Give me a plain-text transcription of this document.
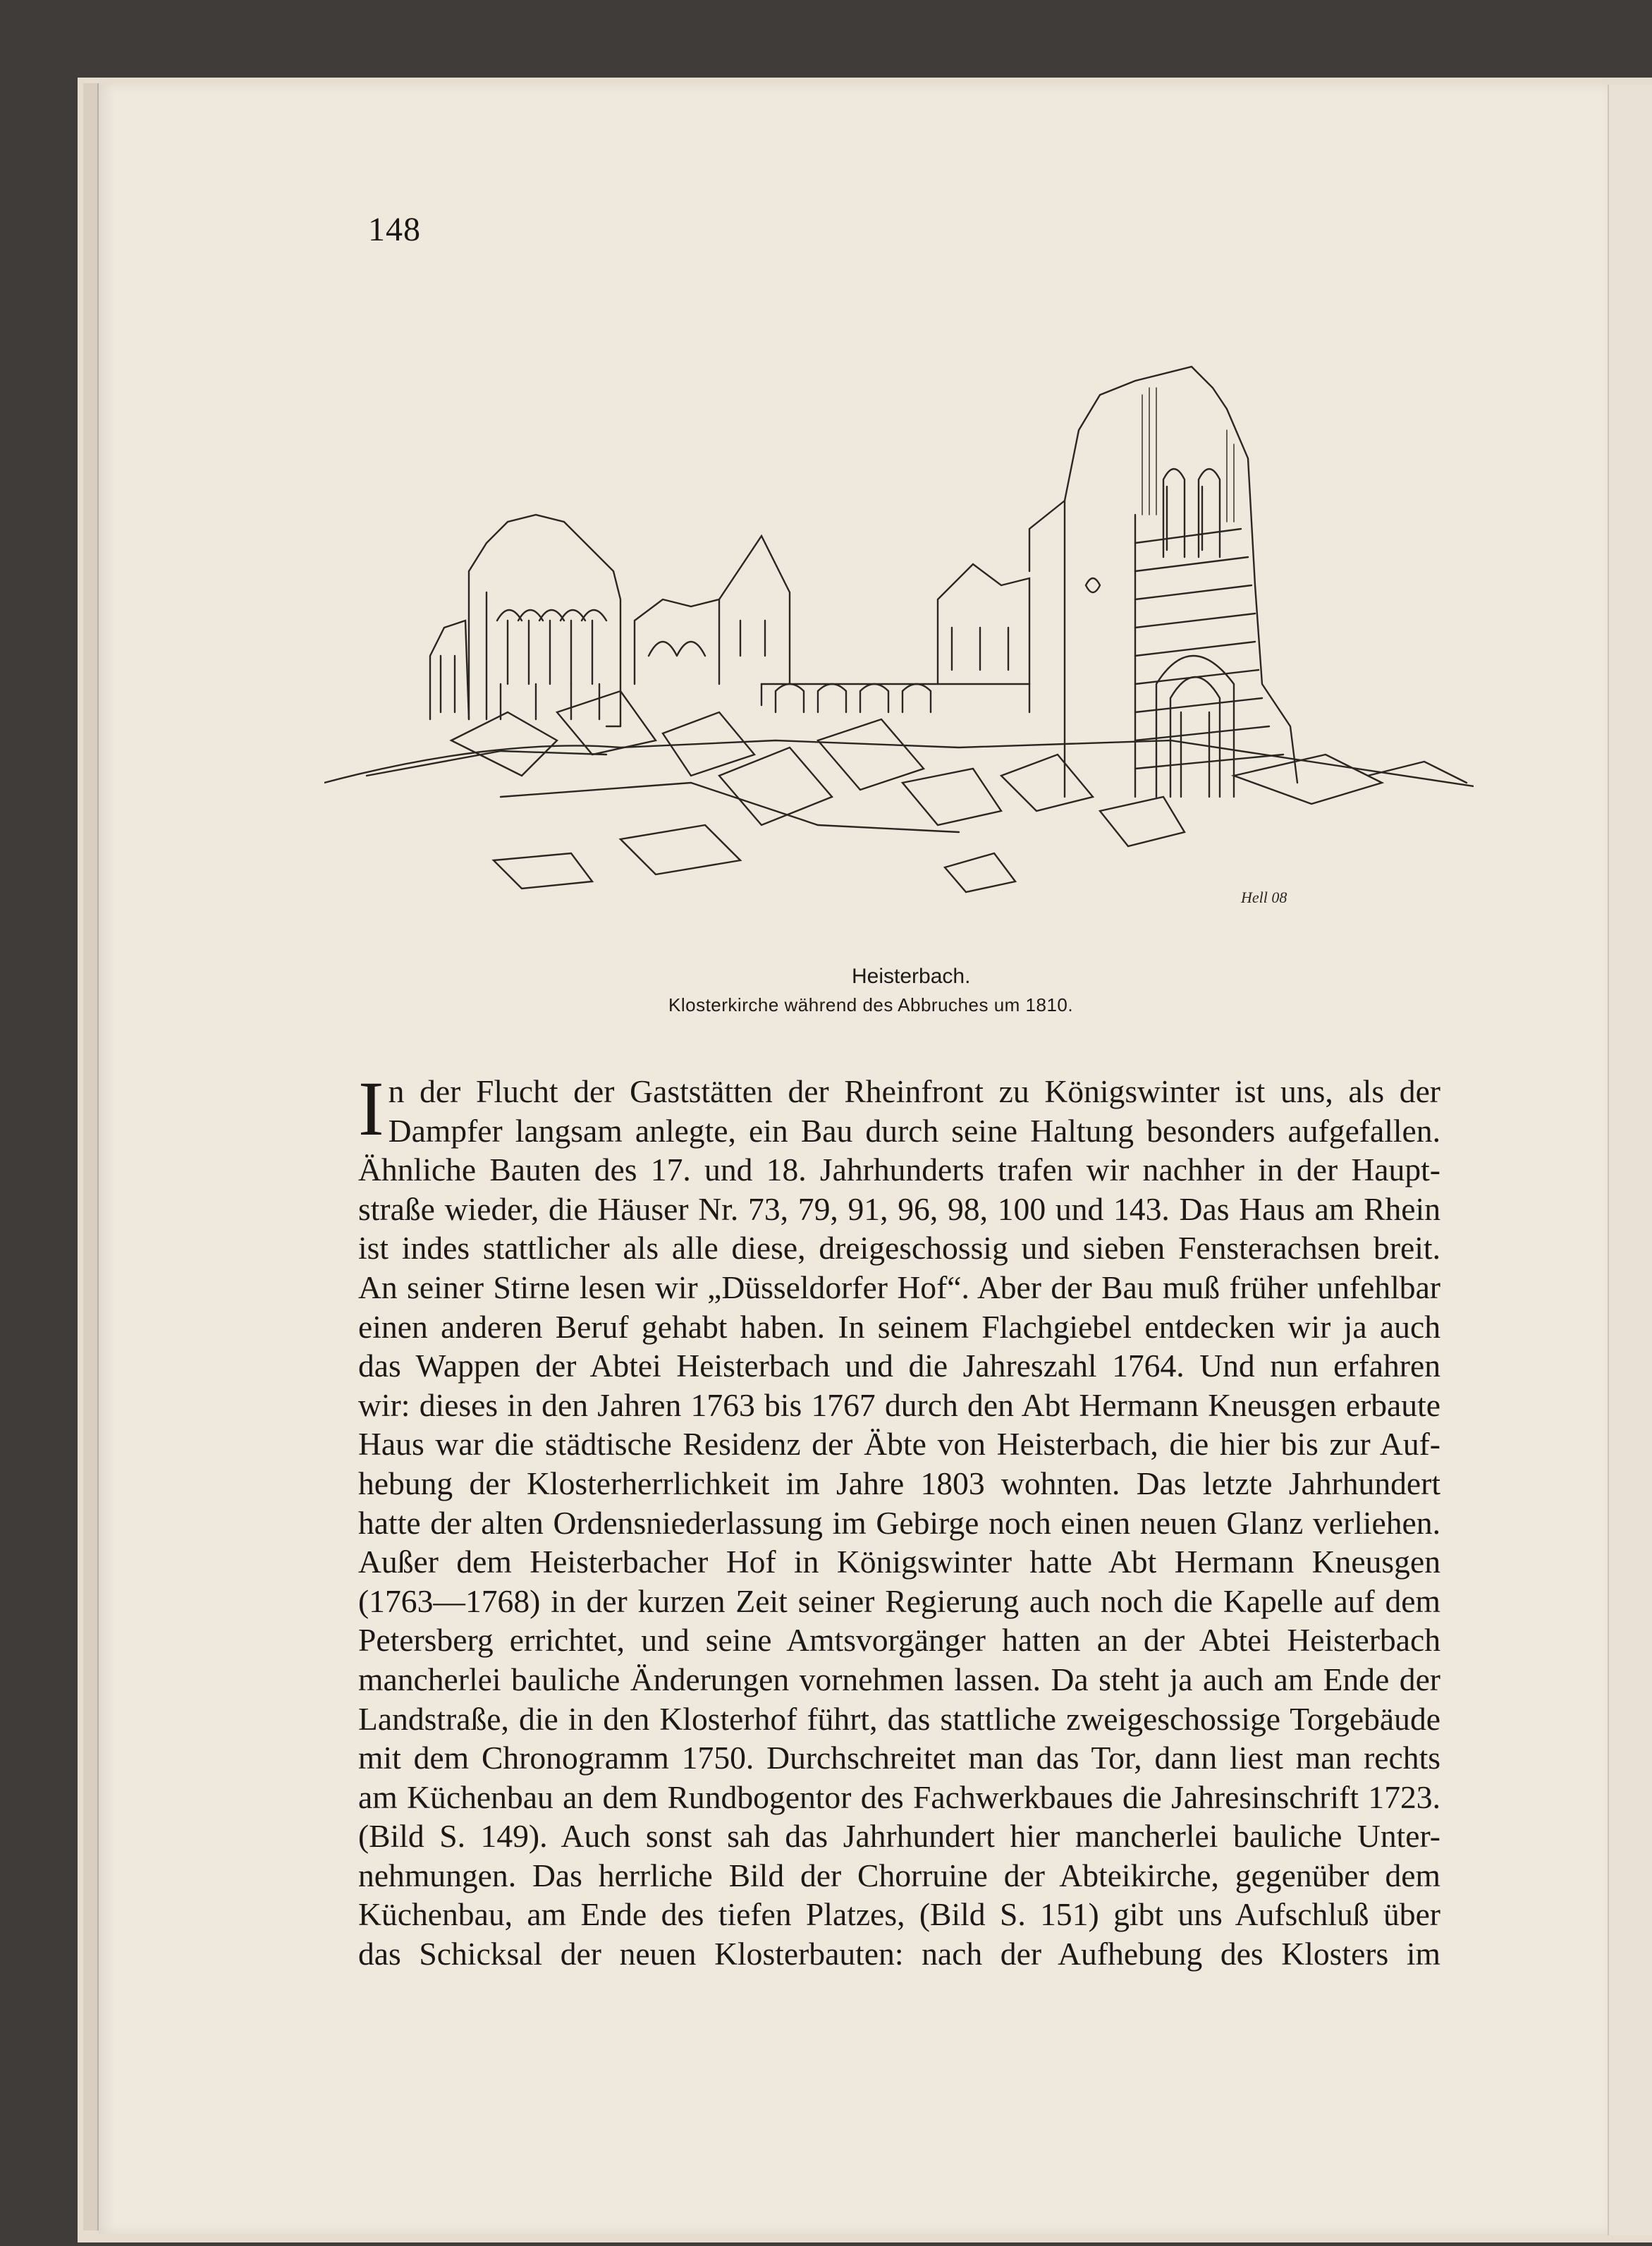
148
Hell 08
Heisterbach.
Klosterkirche während des Abbruches um 1810.
I n der Flucht der Gaststätten der Rheinfront zu Königswinter ist uns, als der
Dampfer langsam anlegte, ein Bau durch seine Haltung besonders aufgefallen.
Ähnliche Bauten des 17. und 18. Jahrhunderts trafen wir nachher in der Haupt-
straße wieder, die Häuser Nr. 73, 79, 91, 96, 98, 100 und 143. Das Haus am Rhein
ist indes stattlicher als alle diese, dreigeschossig und sieben Fensterachsen breit.
An seiner Stirne lesen wir „Düsseldorfer Hof“. Aber der Bau muß früher unfehlbar
einen anderen Beruf gehabt haben. In seinem Flachgiebel entdecken wir ja auch
das Wappen der Abtei Heisterbach und die Jahreszahl 1764. Und nun erfahren
wir: dieses in den Jahren 1763 bis 1767 durch den Abt Hermann Kneusgen erbaute
Haus war die städtische Residenz der Äbte von Heisterbach, die hier bis zur Auf-
hebung der Klosterherrlichkeit im Jahre 1803 wohnten. Das letzte Jahrhundert
hatte der alten Ordensniederlassung im Gebirge noch einen neuen Glanz verliehen.
Außer dem Heisterbacher Hof in Königswinter hatte Abt Hermann Kneusgen
(1763—1768) in der kurzen Zeit seiner Regierung auch noch die Kapelle auf dem
Petersberg errichtet, und seine Amtsvorgänger hatten an der Abtei Heisterbach
mancherlei bauliche Änderungen vornehmen lassen. Da steht ja auch am Ende der
Landstraße, die in den Klosterhof führt, das stattliche zweigeschossige Torgebäude
mit dem Chronogramm 1750. Durchschreitet man das Tor, dann liest man rechts
am Küchenbau an dem Rundbogentor des Fachwerkbaues die Jahresinschrift 1723.
(Bild S. 149). Auch sonst sah das Jahrhundert hier mancherlei bauliche Unter-
nehmungen. Das herrliche Bild der Chorruine der Abteikirche, gegenüber dem
Küchenbau, am Ende des tiefen Platzes, (Bild S. 151) gibt uns Aufschluß über
das Schicksal der neuen Klosterbauten: nach der Aufhebung des Klosters im
